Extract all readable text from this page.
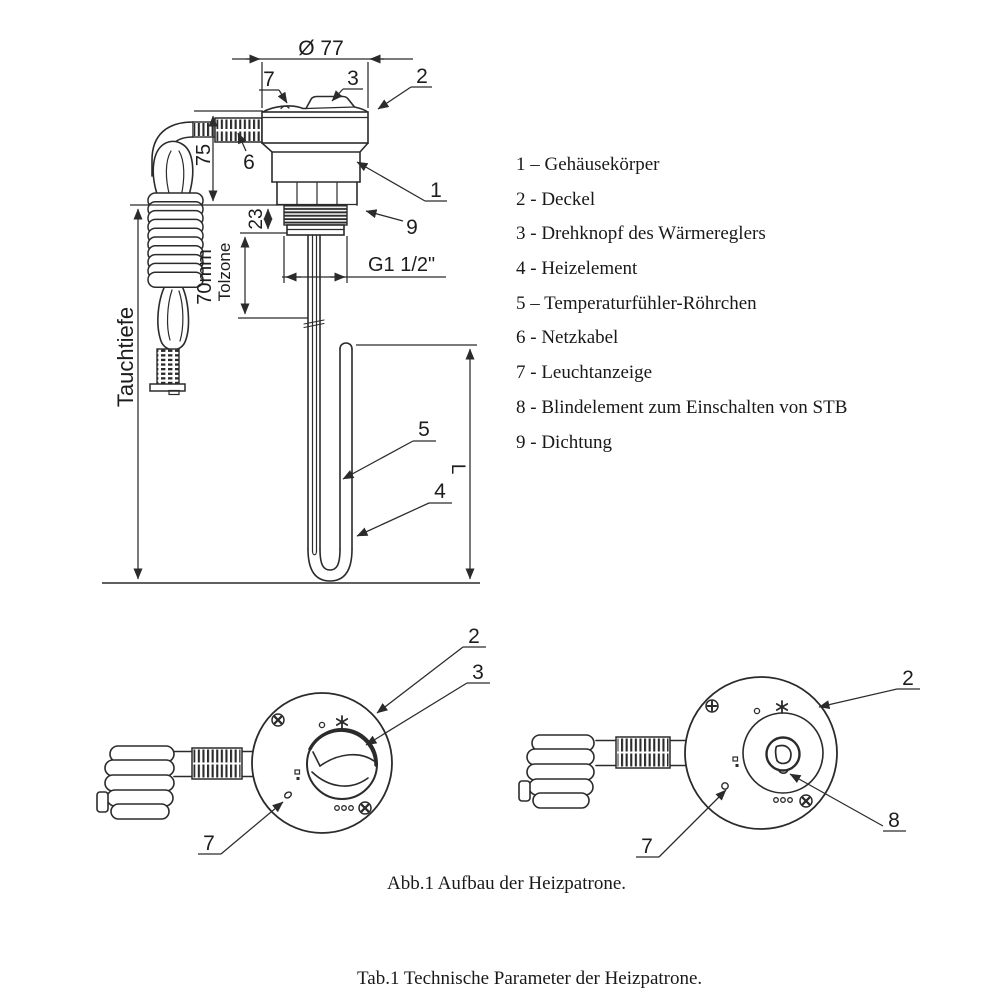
Ø 77
75
23
70mm Tolzone
Tauchtiefe
G1 1/2"
L
7	3	2
6
1
9
5
4
2
3
7
2
8
7
1 – Gehäusekörper
2 - Deckel
3 - Drehknopf des Wärmereglers
4 - Heizelement
5 – Temperaturfühler-Röhrchen
6 - Netzkabel
7 - Leuchtanzeige
8 - Blindelement zum Einschalten von STB
9 - Dichtung
Abb.1 Aufbau der Heizpatrone.
Tab.1 Technische Parameter der Heizpatrone.
